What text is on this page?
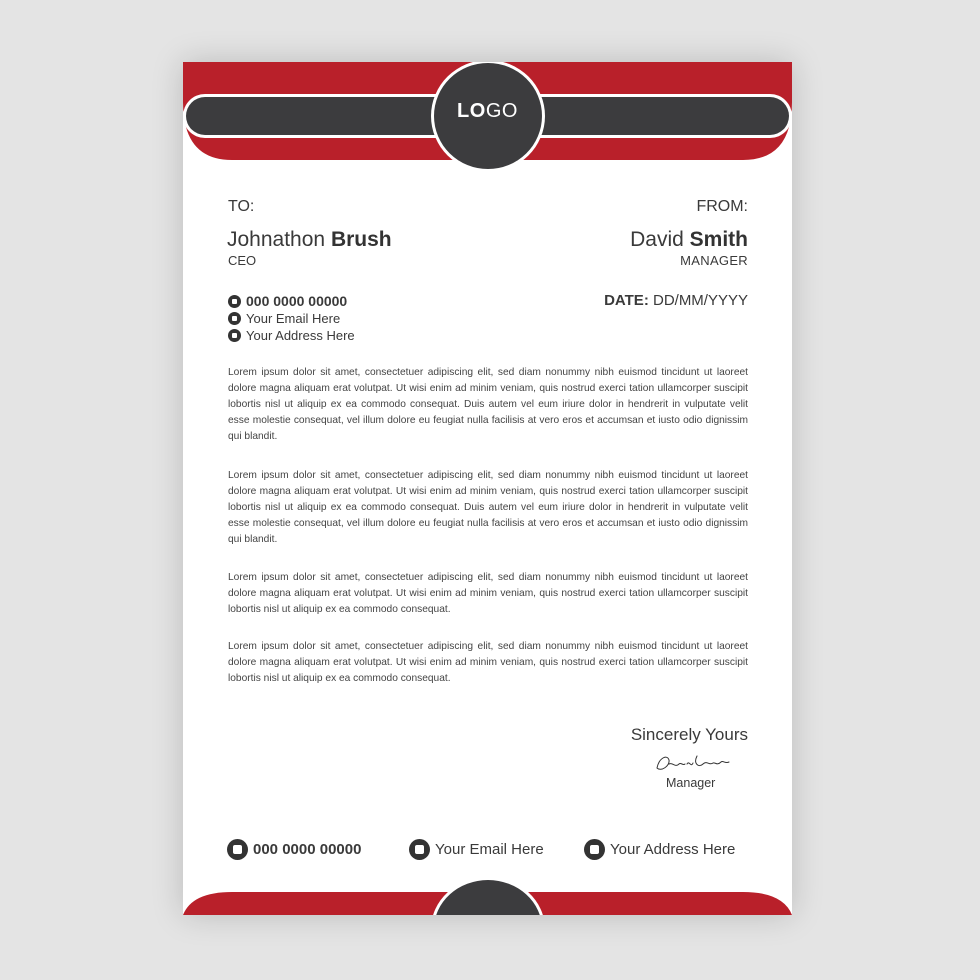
LOGO
TO:	FROM:
Johnathon Brush
CEO
David Smith
MANAGER
000 0000 00000
Your Email Here
Your Address Here
DATE: DD/MM/YYYY
Lorem ipsum dolor sit amet, consectetuer adipiscing elit, sed diam nonummy nibh euismod tincidunt ut laoreet dolore magna aliquam erat volutpat. Ut wisi enim ad minim veniam, quis nostrud exerci tation ullamcorper suscipit lobortis nisl ut aliquip ex ea commodo consequat. Duis autem vel eum iriure dolor in hendrerit in vulputate velit esse molestie consequat, vel illum dolore eu feugiat nulla facilisis at vero eros et accumsan et iusto odio dignissim qui blandit.
Lorem ipsum dolor sit amet, consectetuer adipiscing elit, sed diam nonummy nibh euismod tincidunt ut laoreet dolore magna aliquam erat volutpat. Ut wisi enim ad minim veniam, quis nostrud exerci tation ullamcorper suscipit lobortis nisl ut aliquip ex ea commodo consequat. Duis autem vel eum iriure dolor in hendrerit in vulputate velit esse molestie consequat, vel illum dolore eu feugiat nulla facilisis at vero eros et accumsan et iusto odio dignissim qui blandit.
Lorem ipsum dolor sit amet, consectetuer adipiscing elit, sed diam nonummy nibh euismod tincidunt ut laoreet dolore magna aliquam erat volutpat. Ut wisi enim ad minim veniam, quis nostrud exerci tation ullamcorper suscipit lobortis nisl ut aliquip ex ea commodo consequat.
Lorem ipsum dolor sit amet, consectetuer adipiscing elit, sed diam nonummy nibh euismod tincidunt ut laoreet dolore magna aliquam erat volutpat. Ut wisi enim ad minim veniam, quis nostrud exerci tation ullamcorper suscipit lobortis nisl ut aliquip ex ea commodo consequat.
Sincerely Yours
Manager
000 0000 00000	Your Email Here	Your Address Here
